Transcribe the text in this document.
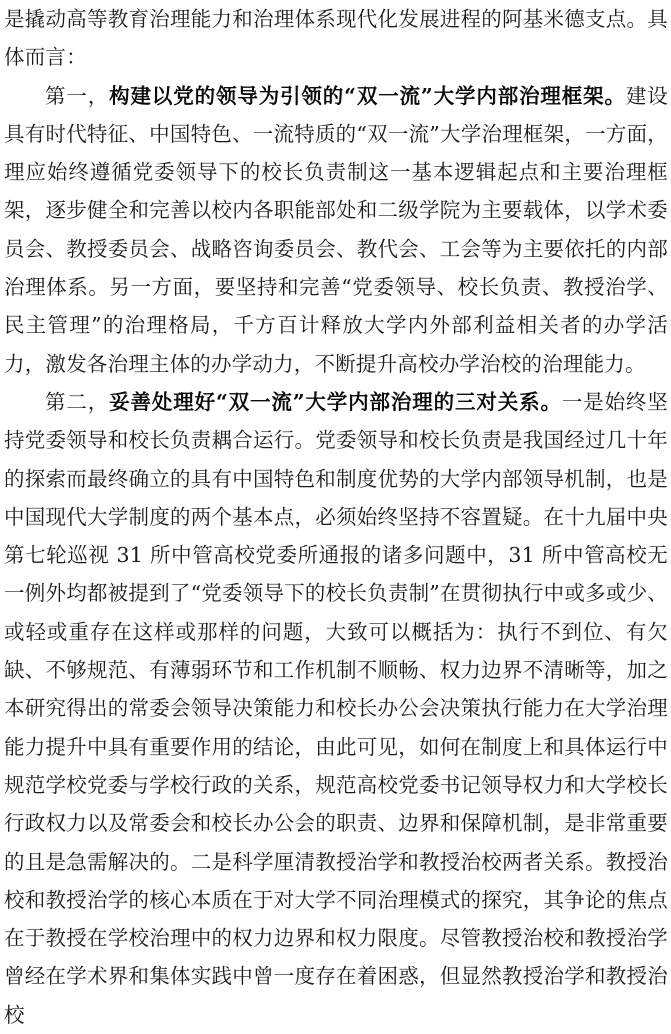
是撬动高等教育治理能力和治理体系现代化发展进程的阿基米德支点。具体而言：

第一，构建以党的领导为引领的“双一流”大学内部治理框架。建设具有时代特征、中国特色、一流特质的“双一流”大学治理框架，一方面，理应始终遵循党委领导下的校长负责制这一基本逻辑起点和主要治理框架，逐步健全和完善以校内各职能部处和二级学院为主要载体，以学术委员会、教授委员会、战略咨询委员会、教代会、工会等为主要依托的内部治理体系。另一方面，要坚持和完善“党委领导、校长负责、教授治学、民主管理”的治理格局，千方百计释放大学内外部利益相关者的办学活力，激发各治理主体的办学动力，不断提升高校办学治校的治理能力。

第二，妥善处理好“双一流”大学内部治理的三对关系。一是始终坚持党委领导和校长负责耦合运行。党委领导和校长负责是我国经过几十年的探索而最终确立的具有中国特色和制度优势的大学内部领导机制，也是中国现代大学制度的两个基本点，必须始终坚持不容置疑。在十九届中央第七轮巡视 31 所中管高校党委所通报的诸多问题中，31 所中管高校无一例外均都被提到了“党委领导下的校长负责制”在贯彻执行中或多或少、或轻或重存在这样或那样的问题，大致可以概括为：执行不到位、有欠缺、不够规范、有薄弱环节和工作机制不顺畅、权力边界不清晰等，加之本研究得出的常委会领导决策能力和校长办公会决策执行能力在大学治理能力提升中具有重要作用的结论，由此可见，如何在制度上和具体运行中规范学校党委与学校行政的关系，规范高校党委书记领导权力和大学校长行政权力以及常委会和校长办公会的职责、边界和保障机制，是非常重要的且是急需解决的。二是科学厘清教授治学和教授治校两者关系。教授治校和教授治学的核心本质在于对大学不同治理模式的探究，其争论的焦点在于教授在学校治理中的权力边界和权力限度。尽管教授治校和教授治学曾经在学术界和集体实践中曾一度存在着困惑，但显然教授治学和教授治校
